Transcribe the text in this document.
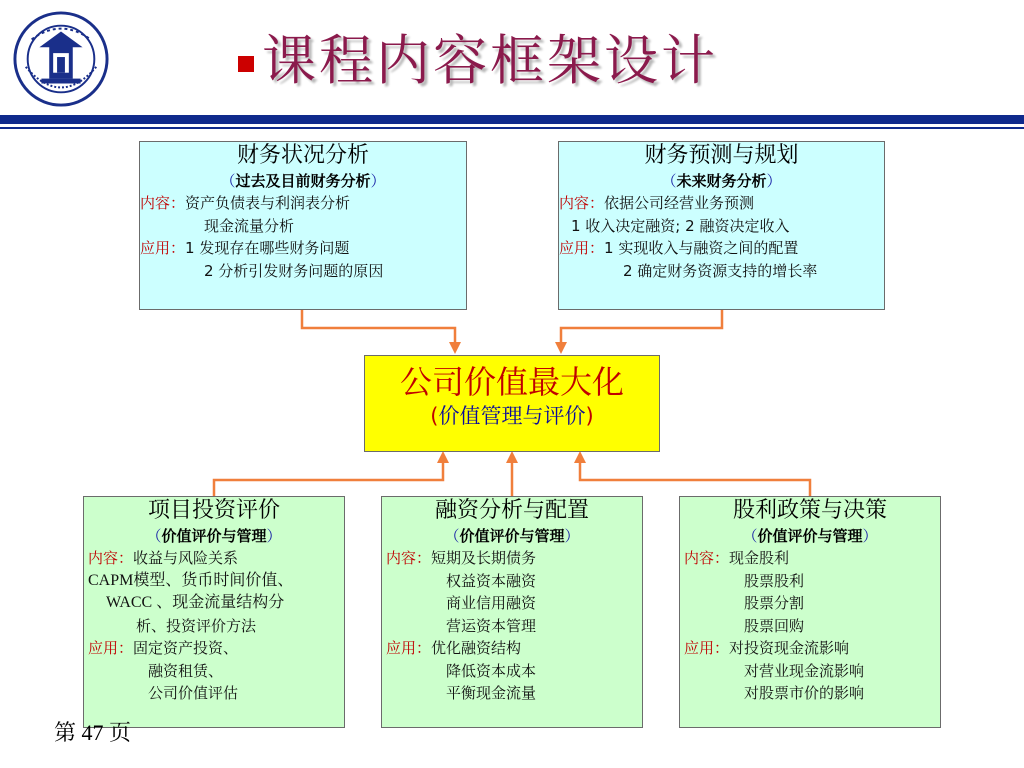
课程内容框架设计
财务状况分析
（过去及目前财务分析）
内容： 资产负债表与利润表分析
现金流量分析
应用： 1 发现存在哪些财务问题
2 分析引发财务问题的原因
财务预测与规划
（未来财务分析）
内容： 依据公司经营业务预测
1 收入决定融资; 2 融资决定收入
应用： 1 实现收入与融资之间的配置
2 确定财务资源支持的增长率
公司价值最大化
(价值管理与评价)
项目投资评价
（价值评价与管理）
内容： 收益与风险关系
CAPM模型、货币时间价值、
WACC 、现金流量结构分
析、投资评价方法
应用： 固定资产投资、
融资租赁、
公司价值评估
融资分析与配置
（价值评价与管理）
内容： 短期及长期债务
权益资本融资
商业信用融资
营运资本管理
应用： 优化融资结构
降低资本成本
平衡现金流量
股利政策与决策
（价值评价与管理）
内容： 现金股利
股票股利
股票分割
股票回购
应用： 对投资现金流影响
对营业现金流影响
对股票市价的影响
第 47 页
